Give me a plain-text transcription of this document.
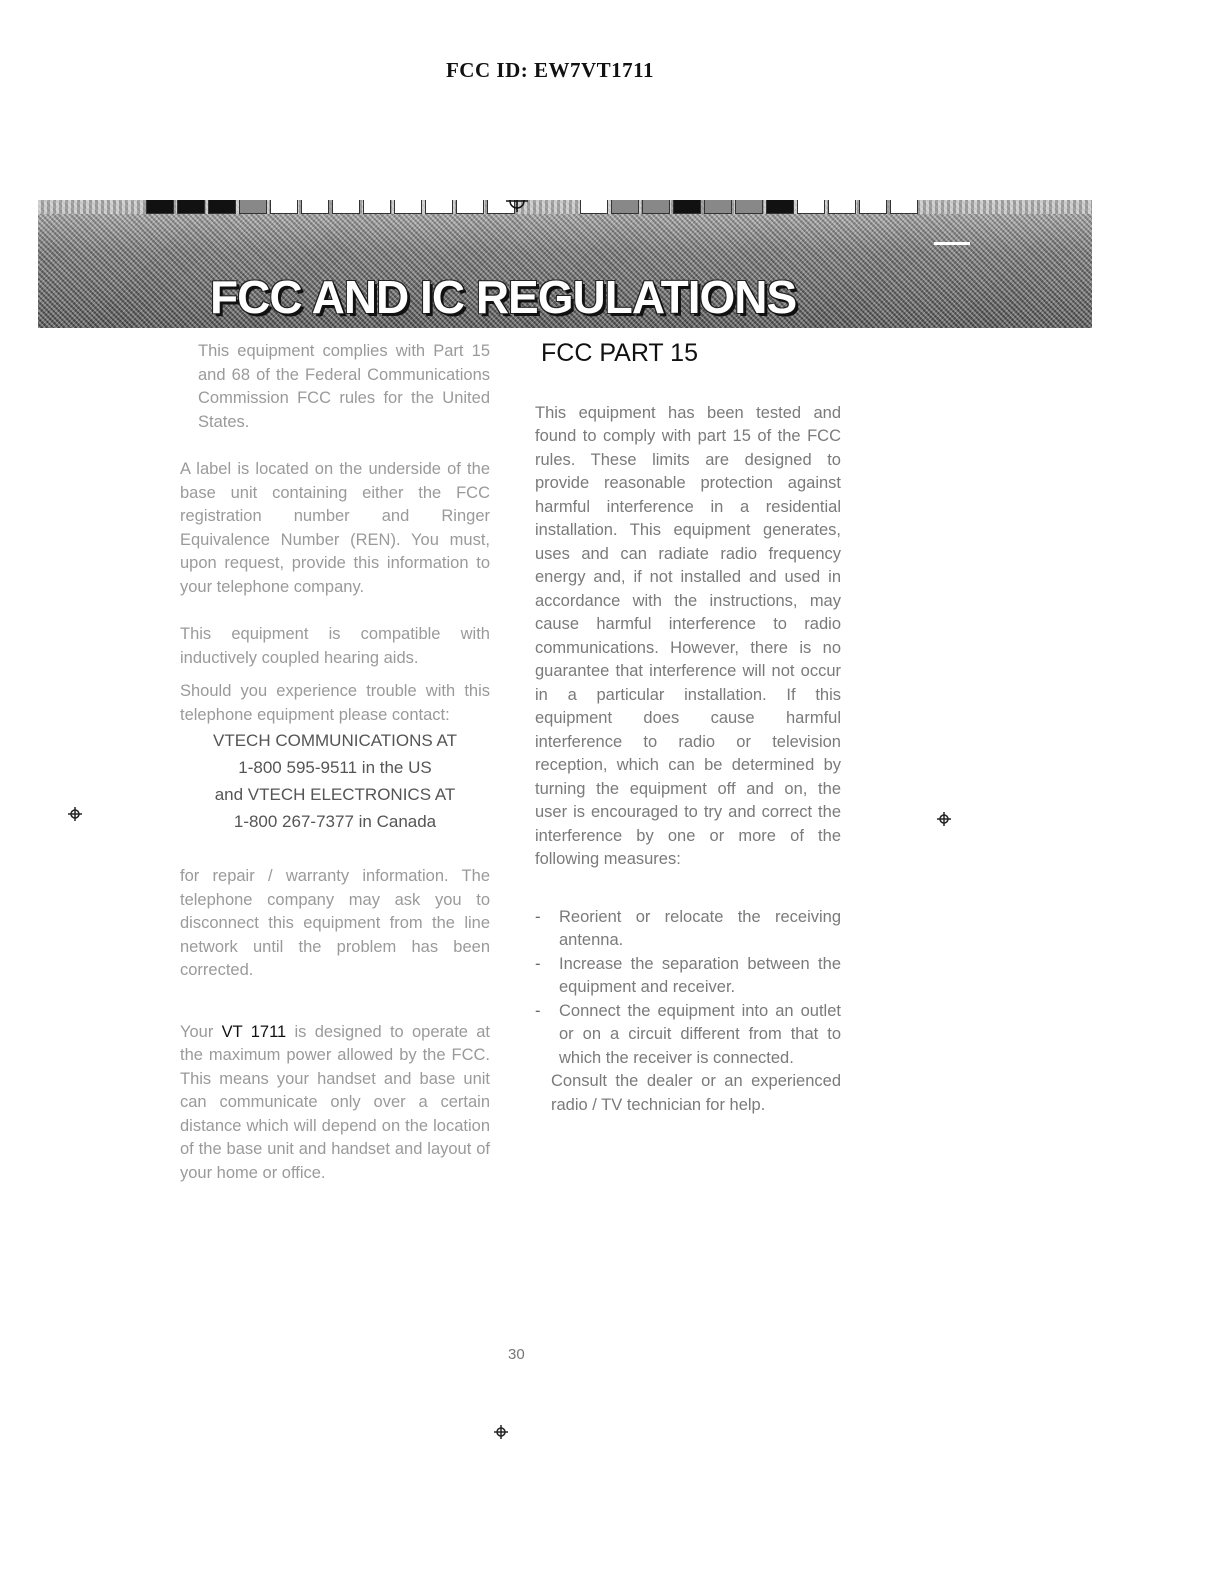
FCC ID: EW7VT1711
FCC AND IC REGULATIONS

This equipment complies with Part 15 and 68 of the Federal Communications Commission FCC rules for the United States.

A label is located on the underside of the base unit containing either the FCC registration number and Ringer Equivalence Number (REN). You must, upon request, provide this information to your telephone company.

This equipment is compatible with inductively coupled hearing aids.

Should you experience trouble with this telephone equipment please contact:

VTECH COMMUNICATIONS AT
1-800 595-9511 in the US
and VTECH ELECTRONICS AT
1-800 267-7377 in Canada

for repair / warranty information. The telephone company may ask you to disconnect this equipment from the line network until the problem has been corrected.

Your VT 1711 is designed to operate at the maximum power allowed by the FCC. This means your handset and base unit can communicate only over a certain distance which will depend on the location of the base unit and handset and layout of your home or office.

FCC PART 15

This equipment has been tested and found to comply with part 15 of the FCC rules. These limits are designed to provide reasonable protection against harmful interference in a residential installation. This equipment generates, uses and can radiate radio frequency energy and, if not installed and used in accordance with the instructions, may cause harmful interference to radio communications. However, there is no guarantee that interference will not occur in a particular installation. If this equipment does cause harmful interference to radio or television reception, which can be determined by turning the equipment off and on, the user is encouraged to try and correct the interference by one or more of the following measures:

- Reorient or relocate the receiving antenna.
- Increase the separation between the equipment and receiver.
- Connect the equipment into an outlet or on a circuit different from that to which the receiver is connected.
Consult the dealer or an experienced radio / TV technician for help.
30
